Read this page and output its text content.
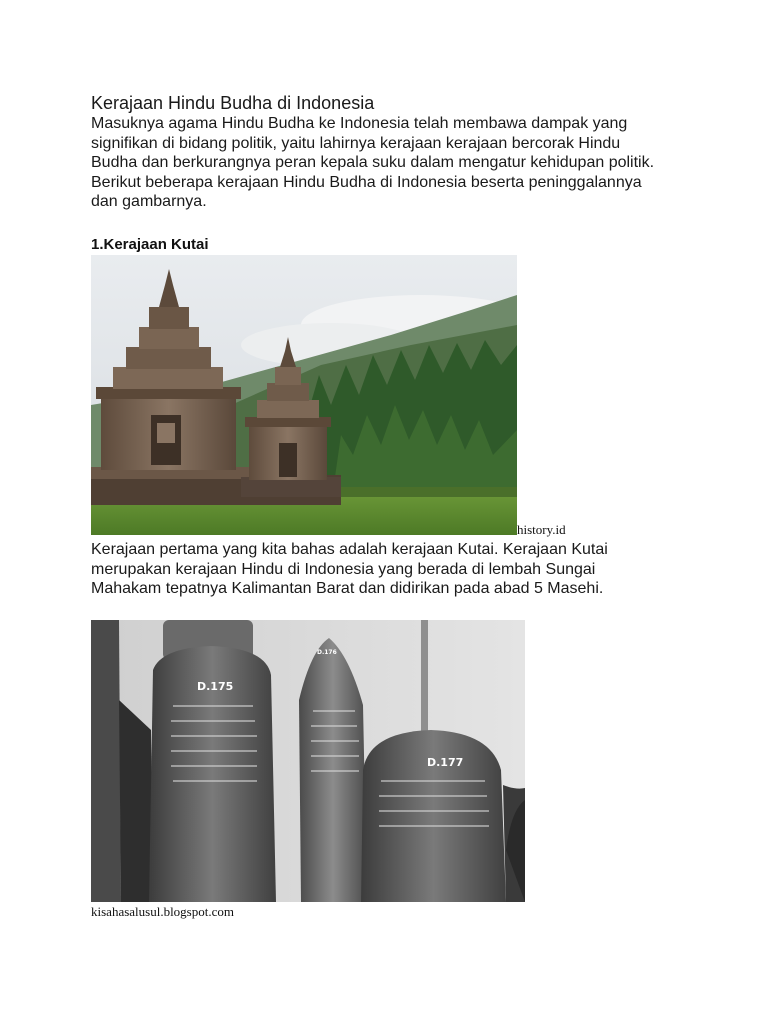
Kerajaan Hindu Budha di Indonesia

Masuknya agama Hindu Budha ke Indonesia telah membawa dampak yang
signifikan di bidang politik, yaitu lahirnya kerajaan kerajaan bercorak Hindu
Budha dan berkurangnya peran kepala suku dalam mengatur kehidupan politik.
Berikut beberapa kerajaan Hindu Budha di Indonesia beserta peninggalannya
dan gambarnya.

1.Kerajaan Kutai
history.id

Kerajaan pertama yang kita bahas adalah kerajaan Kutai. Kerajaan Kutai
merupakan kerajaan Hindu di Indonesia yang berada di lembah Sungai
Mahakam tepatnya Kalimantan Barat dan didirikan pada abad 5 Masehi.

D.175
D.176
D.177
kisahasalusul.blogspot.com
